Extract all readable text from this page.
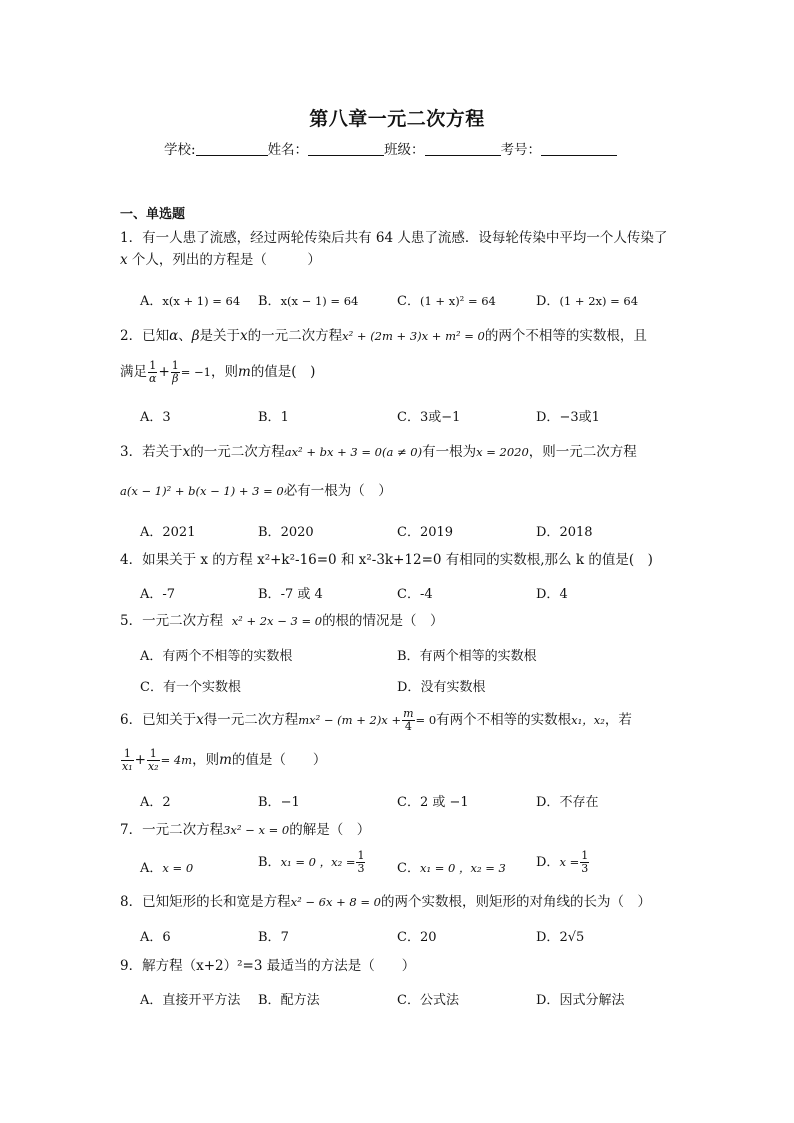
第八章一元二次方程
学校:	姓名：	班级：	考号：
一、单选题
1．有一人患了流感，经过两轮传染后共有 64 人患了流感．设每轮传染中平均一个人传染了
x 个人，列出的方程是（　　　）
A．x(x + 1) = 64 B．x(x − 1) = 64	C．(1 + x)² = 64	D．(1 + 2x) = 64
2．已知α、β是关于x的一元二次方程x² + (2m + 3)x + m² = 0的两个不相等的实数根，且
满足 $\frac{1}{\alpha} + \frac{1}{\beta} = -1$，则m的值是(　)
A．3	B．1	C．3或−1	D．−3或1
3．若关于x的一元二次方程ax² + bx + 3 = 0(a ≠ 0)有一根为x = 2020，则一元二次方程
a(x − 1)² + b(x − 1) + 3 = 0必有一根为（　）
A．2021	B．2020	C．2019	D．2018
4．如果关于 x 的方程 x²+k²-16=0 和 x²-3k+12=0 有相同的实数根,那么 k 的值是(　)
A．-7	B．-7 或 4	C．-4	D．4
5．一元二次方程 x² + 2x − 3 = 0的根的情况是（　）
A．有两个不相等的实数根	B．有两个相等的实数根
C．有一个实数根	D．没有实数根
6．已知关于x得一元二次方程$mx^2 - (m + 2)x + \frac{m}{4} = 0$有两个不相等的实数根x₁，x₂，若
$\frac{1}{\text{x₁}} + \frac{1}{\text{x₂}} = 4m$，则m的值是（　　）
A．2	B．−1	C．2 或 −1	D．不存在
7．一元二次方程3x² − x = 0的解是（　）
A．x = 0	B．x₁ = 0 ，$x_2 = \frac{1}{3}$ C．x₁ = 0 ，x₂ = 3 D．$x = \frac{1}{3}$
8．已知矩形的长和宽是方程x² − 6x + 8 = 0的两个实数根，则矩形的对角线的长为（　）
A．6	B．7	C．20	D．2√5
9．解方程（x+2）²=3 最适当的方法是（　　）
A．直接开平方法 B．配方法	C．公式法	D．因式分解法
